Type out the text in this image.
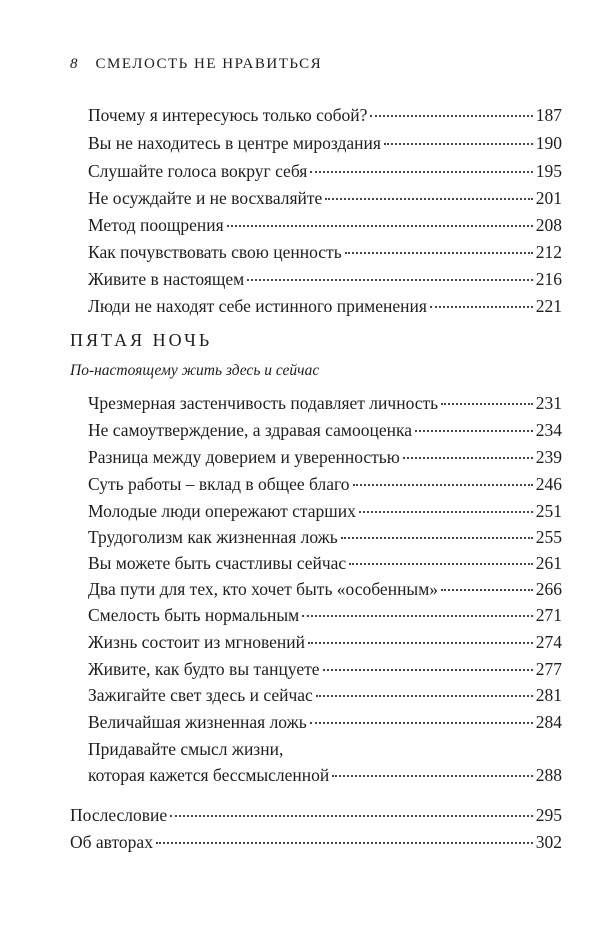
8 СМЕЛОСТЬ НЕ НРАВИТЬСЯ
Почему я интересуюсь только собой?	187
Вы не находитесь в центре мироздания	190
Слушайте голоса вокруг себя	195
Не осуждайте и не восхваляйте	201
Метод поощрения	208
Как почувствовать свою ценность	212
Живите в настоящем	216
Люди не находят себе истинного применения	221
ПЯТАЯ НОЧЬ
По-настоящему жить здесь и сейчас
Чрезмерная застенчивость подавляет личность	231
Не самоутверждение, а здравая самооценка	234
Разница между доверием и уверенностью	239
Суть работы – вклад в общее благо	246
Молодые люди опережают старших	251
Трудоголизм как жизненная ложь	255
Вы можете быть счастливы сейчас	261
Два пути для тех, кто хочет быть «особенным»	266
Смелость быть нормальным	271
Жизнь состоит из мгновений	274
Живите, как будто вы танцуете	277
Зажигайте свет здесь и сейчас	281
Величайшая жизненная ложь	284
Придавайте смысл жизни,
которая кажется бессмысленной	288
Послесловие	295
Об авторах	302
